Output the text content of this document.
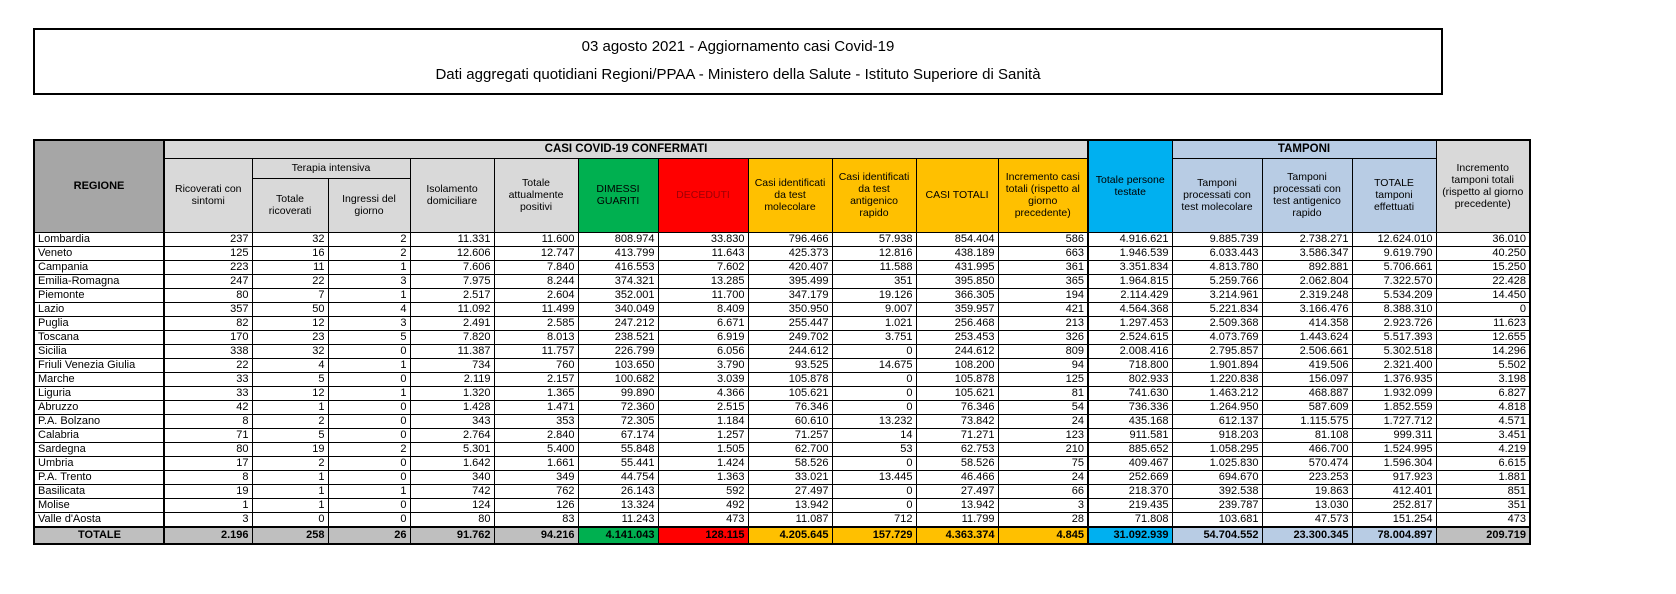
03 agosto 2021 - Aggiornamento casi Covid-19
Dati aggregati quotidiani Regioni/PPAA - Ministero della Salute - Istituto Superiore di Sanità
REGIONE	CASI COVID-19 CONFERMATI											Totale persone testate	TAMPONI			Incremento tamponi totali (rispetto al giorno precedente)
	Ricoverati con sintomi	Terapia intensiva		Isolamento domiciliare	Totale attualmente positivi	DIMESSI GUARITI	DECEDUTI	Casi identificati da test molecolare	Casi identificati da test antigenico rapido	CASI TOTALI	Incremento casi totali (rispetto al giorno precedente)		Tamponi processati con test molecolare	Tamponi processati con test antigenico rapido	TOTALE tamponi effettuati	
		Totale ricoverati	Ingressi del giorno													
Lombardia	237	32	2	11.331	11.600	808.974	33.830	796.466	57.938	854.404	586	4.916.621	9.885.739	2.738.271	12.624.010	36.010
Veneto	125	16	2	12.606	12.747	413.799	11.643	425.373	12.816	438.189	663	1.946.539	6.033.443	3.586.347	9.619.790	40.250
Campania	223	11	1	7.606	7.840	416.553	7.602	420.407	11.588	431.995	361	3.351.834	4.813.780	892.881	5.706.661	15.250
Emilia-Romagna	247	22	3	7.975	8.244	374.321	13.285	395.499	351	395.850	365	1.964.815	5.259.766	2.062.804	7.322.570	22.428
Piemonte	80	7	1	2.517	2.604	352.001	11.700	347.179	19.126	366.305	194	2.114.429	3.214.961	2.319.248	5.534.209	14.450
Lazio	357	50	4	11.092	11.499	340.049	8.409	350.950	9.007	359.957	421	4.564.368	5.221.834	3.166.476	8.388.310	0
Puglia	82	12	3	2.491	2.585	247.212	6.671	255.447	1.021	256.468	213	1.297.453	2.509.368	414.358	2.923.726	11.623
Toscana	170	23	5	7.820	8.013	238.521	6.919	249.702	3.751	253.453	326	2.524.615	4.073.769	1.443.624	5.517.393	12.655
Sicilia	338	32	0	11.387	11.757	226.799	6.056	244.612	0	244.612	809	2.008.416	2.795.857	2.506.661	5.302.518	14.296
Friuli Venezia Giulia	22	4	1	734	760	103.650	3.790	93.525	14.675	108.200	94	718.800	1.901.894	419.506	2.321.400	5.502
Marche	33	5	0	2.119	2.157	100.682	3.039	105.878	0	105.878	125	802.933	1.220.838	156.097	1.376.935	3.198
Liguria	33	12	1	1.320	1.365	99.890	4.366	105.621	0	105.621	81	741.630	1.463.212	468.887	1.932.099	6.827
Abruzzo	42	1	0	1.428	1.471	72.360	2.515	76.346	0	76.346	54	736.336	1.264.950	587.609	1.852.559	4.818
P.A. Bolzano	8	2	0	343	353	72.305	1.184	60.610	13.232	73.842	24	435.168	612.137	1.115.575	1.727.712	4.571
Calabria	71	5	0	2.764	2.840	67.174	1.257	71.257	14	71.271	123	911.581	918.203	81.108	999.311	3.451
Sardegna	80	19	2	5.301	5.400	55.848	1.505	62.700	53	62.753	210	885.652	1.058.295	466.700	1.524.995	4.219
Umbria	17	2	0	1.642	1.661	55.441	1.424	58.526	0	58.526	75	409.467	1.025.830	570.474	1.596.304	6.615
P.A. Trento	8	1	0	340	349	44.754	1.363	33.021	13.445	46.466	24	252.669	694.670	223.253	917.923	1.881
Basilicata	19	1	1	742	762	26.143	592	27.497	0	27.497	66	218.370	392.538	19.863	412.401	851
Molise	1	1	0	124	126	13.324	492	13.942	0	13.942	3	219.435	239.787	13.030	252.817	351
Valle d'Aosta	3	0	0	80	83	11.243	473	11.087	712	11.799	28	71.808	103.681	47.573	151.254	473
TOTALE	2.196	258	26	91.762	94.216	4.141.043	128.115	4.205.645	157.729	4.363.374	4.845	31.092.939	54.704.552	23.300.345	78.004.897	209.719
